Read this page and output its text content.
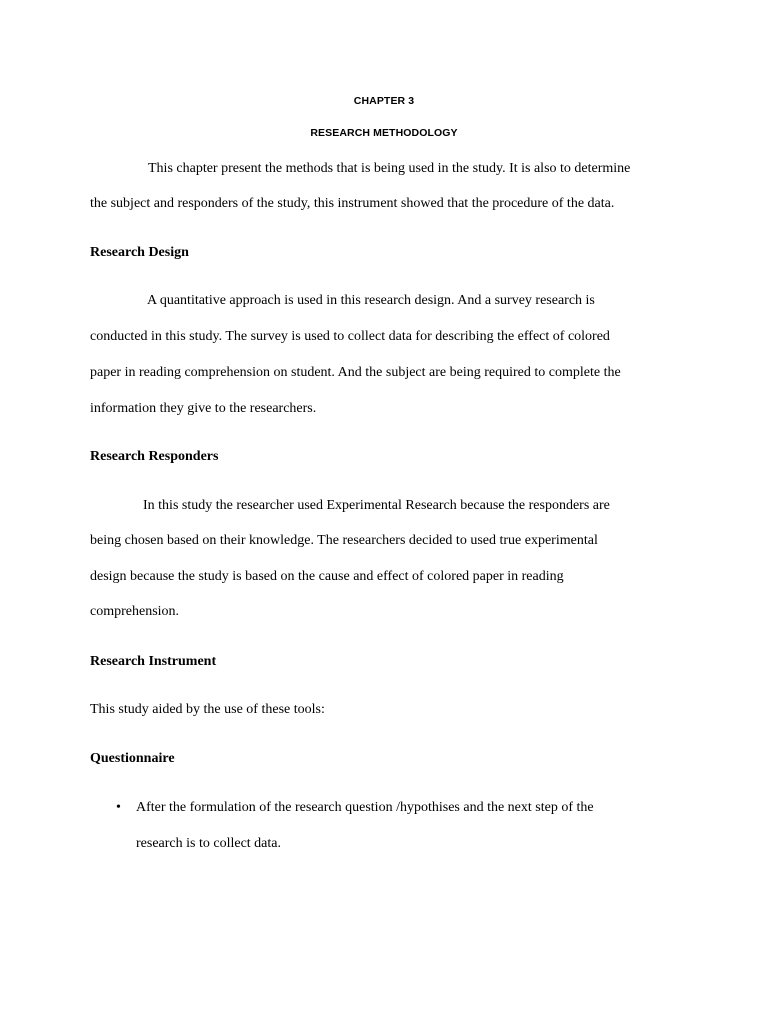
CHAPTER 3
RESEARCH METHODOLOGY
This chapter present the methods that is being used in the study. It is also to determine
the subject and responders of the study, this instrument showed that the procedure of the data.
Research Design
A quantitative approach is used in this research design. And a survey research is
conducted in this study. The survey is used to collect data for describing the effect of colored
paper in reading comprehension on student. And the subject are being required to complete the
information they give to the researchers.
Research Responders
In this study the researcher used Experimental Research because the responders are
being chosen based on their knowledge. The researchers decided to used true experimental
design because the study is based on the cause and effect of colored paper in reading
comprehension.
Research Instrument
This study aided by the use of these tools:
Questionnaire
• After the formulation of the research question /hypothises and the next step of the
research is to collect data.
